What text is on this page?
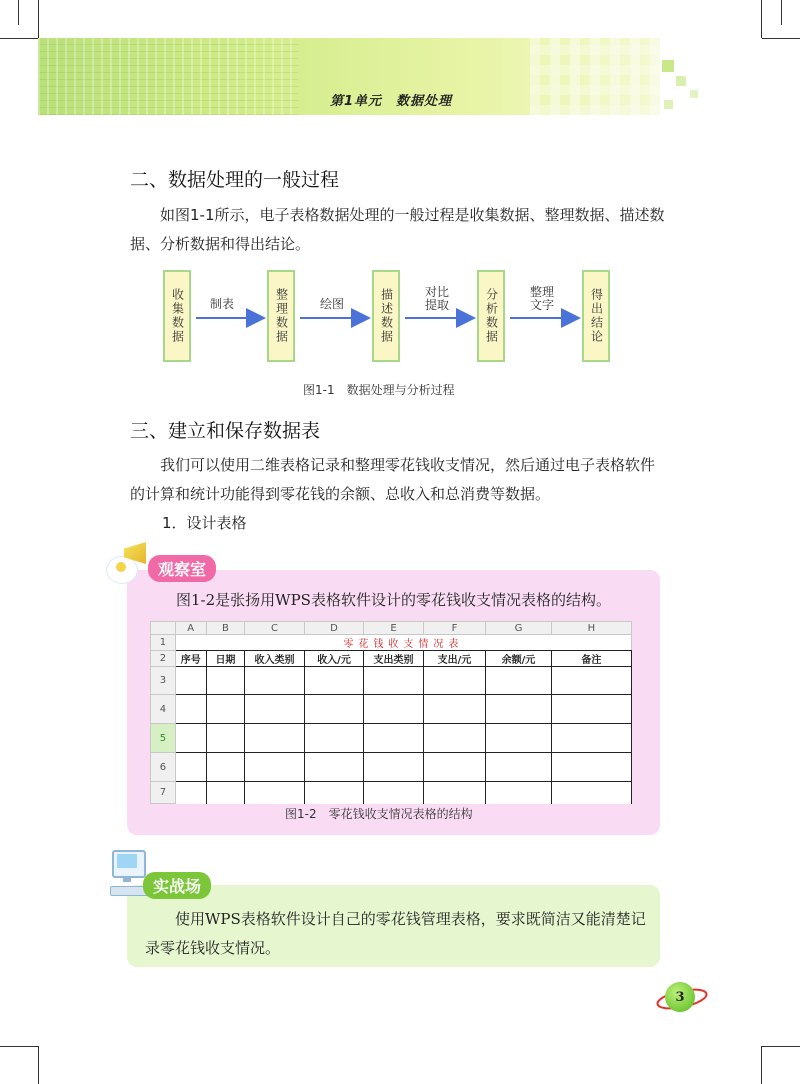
第1单元　数据处理
二、数据处理的一般过程

如图1-1所示，电子表格数据处理的一般过程是收集数据、整理数据、描述数据、分析数据和得出结论。

收集数据	整理数据	描述数据	分析数据	得出结论
制表	绘图
对比
提取
整理
文字
图1-1　数据处理与分析过程
三、建立和保存数据表

我们可以使用二维表格记录和整理零花钱收支情况，然后通过电子表格软件的计算和统计功能得到零花钱的余额、总收入和总消费等数据。

1．设计表格
观察室

图1-2是张扬用WPS表格软件设计的零花钱收支情况表格的结构。

	A	B	C	D	E	F	G	H
1	零花钱收支情况表							
2	序号	日期	收入类别	收入/元	支出类别	支出/元	余额/元	备注
3								
4								
5								
6								
7								
图1-2　零花钱收支情况表格的结构
实战场

使用WPS表格软件设计自己的零花钱管理表格，要求既简洁又能清楚记录零花钱收支情况。

3
